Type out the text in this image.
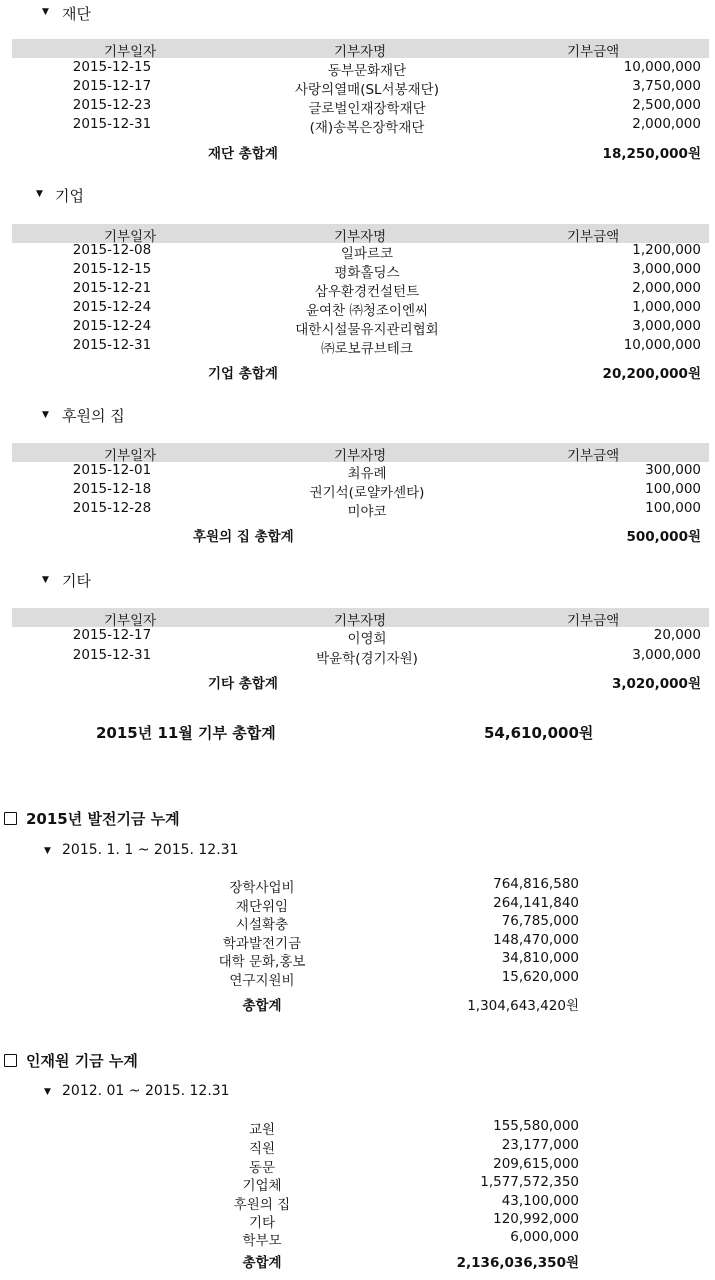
▼ 재단
기부일자	기부자명	기부금액
2015-12-15	동부문화재단	10,000,000
2015-12-17	사랑의열매(SL서봉재단)	3,750,000
2015-12-23	글로벌인재장학재단	2,500,000
2015-12-31	(재)송복은장학재단	2,000,000
재단 총합계	18,250,000원
▼ 기업
기부일자	기부자명	기부금액
2015-12-08	일파르코	1,200,000
2015-12-15	평화홀딩스	3,000,000
2015-12-21	삼우환경컨설턴트	2,000,000
2015-12-24	윤여찬 ㈜청조이엔씨	1,000,000
2015-12-24	대한시설물유지관리협회	3,000,000
2015-12-31	㈜로보큐브테크	10,000,000
기업 총합계	20,200,000원
▼ 후원의 집
기부일자	기부자명	기부금액
2015-12-01	최유례	300,000
2015-12-18	권기석(로얄카센타)	100,000
2015-12-28	미야코	100,000
후원의 집 총합계	500,000원
▼ 기타
기부일자	기부자명	기부금액
2015-12-17	이영희	20,000
2015-12-31	박윤학(경기자원)	3,000,000
기타 총합계	3,020,000원
2015년 11월 기부 총합계	54,610,000원
2015년 발전기금 누계
▼ 2015. 1. 1 ~ 2015. 12.31
장학사업비	764,816,580
재단위임	264,141,840
시설확충	76,785,000
학과발전기금	148,470,000
대학 문화,홍보	34,810,000
연구지원비	15,620,000
총합계	1,304,643,420원
인재원 기금 누계
▼ 2012. 01 ~ 2015. 12.31
교원	155,580,000
직원	23,177,000
동문	209,615,000
기업체	1,577,572,350
후원의 집	43,100,000
기타	120,992,000
학부모	6,000,000
총합계	2,136,036,350원
